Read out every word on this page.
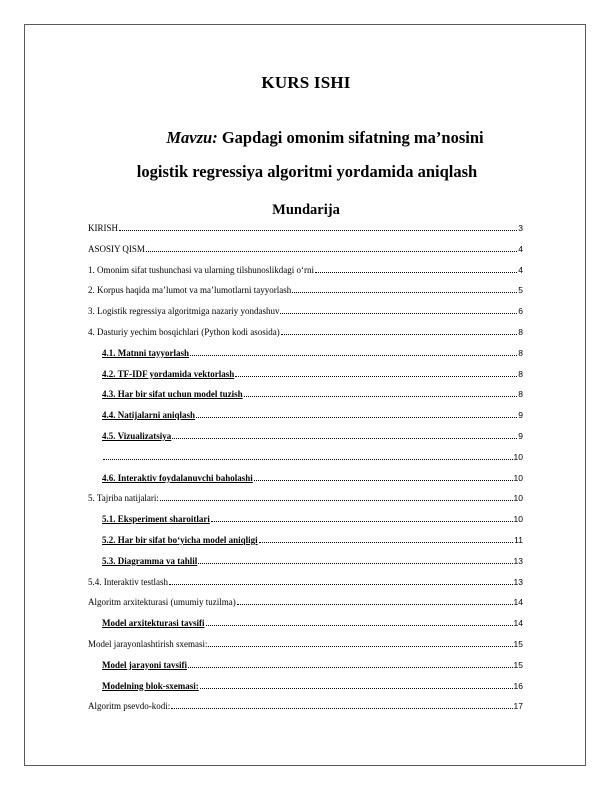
KURS ISHI
Mavzu: Gapdagi omonim sifatning ma’nosini
logistik regressiya algoritmi yordamida aniqlash
Mundarija
KIRISH	3
ASOSIY QISM	4
1. Omonim sifat tushunchasi va ularning tilshunoslikdagi o‘rni	4
2. Korpus haqida ma’lumot va ma’lumotlarni tayyorlash	5
3. Logistik regressiya algoritmiga nazariy yondashuv	6
4. Dasturiy yechim bosqichlari (Python kodi asosida)	8
4.1. Matnni tayyorlash	8
4.2. TF-IDF yordamida vektorlash	8
4.3. Har bir sifat uchun model tuzish	8
4.4. Natijalarni aniqlash	9
4.5. Vizualizatsiya	9
10
4.6. Interaktiv foydalanuvchi baholashi	10
5. Tajriba natijalari:	10
5.1. Eksperiment sharoitlari	10
5.2. Har bir sifat bo‘yicha model aniqligi	11
5.3. Diagramma va tahlil	13
5.4. Interaktiv testlash	13
Algoritm arxitekturasi (umumiy tuzilma)	14
Model arxitekturasi tavsifi	14
Model jarayonlashtirish sxemasi:	15
Model jarayoni tavsifi	15
Modelning blok-sxemasi:	16
Algoritm psevdo-kodi:	17
